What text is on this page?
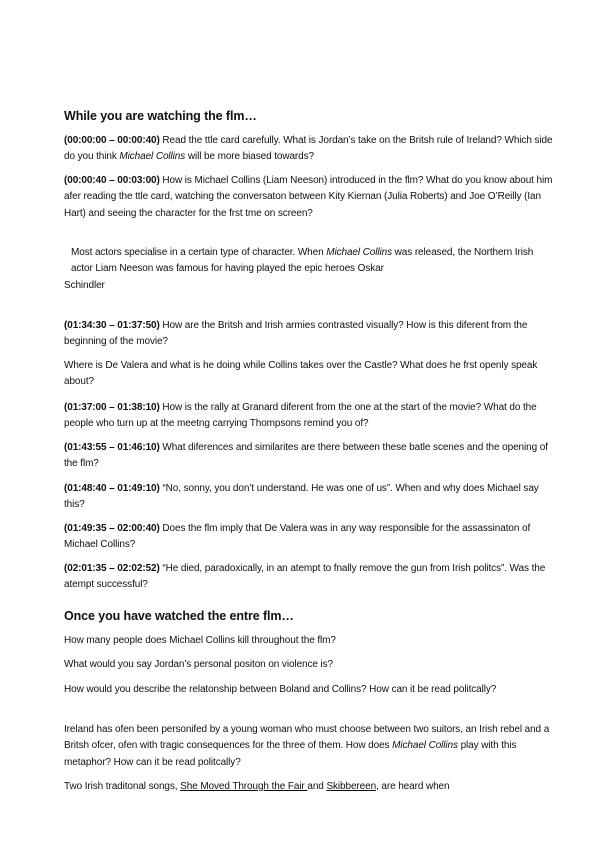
While you are watching the flm…
(00:00:00 – 00:00:40) Read the ttle card carefully. What is Jordan’s take on the Britsh rule of Ireland? Which side do you think Michael Collins will be more biased towards?
(00:00:40 – 00:03:00) How is Michael Collins (Liam Neeson) introduced in the flm? What do you know about him afer reading the ttle card, watching the conversaton between Kity Kiernan (Julia Roberts) and Joe O’Reilly (Ian Hart) and seeing the character for the frst tme on screen?
Most actors specialise in a certain type of character. When Michael Collins was released, the Northern Irish actor Liam Neeson was famous for having played the epic heroes Oskar
Schindler
(01:34:30 – 01:37:50) How are the Britsh and Irish armies contrasted visually? How is this diferent from the beginning of the movie?
Where is De Valera and what is he doing while Collins takes over the Castle? What does he frst openly speak about?
(01:37:00 – 01:38:10) How is the rally at Granard diferent from the one at the start of the movie? What do the people who turn up at the meetng carrying Thompsons remind you of?
(01:43:55 – 01:46:10) What diferences and similarites are there between these batle scenes and the opening of the flm?
(01:48:40 – 01:49:10) “No, sonny, you don’t understand. He was one of us”. When and why does Michael say this?
(01:49:35 – 02:00:40) Does the flm imply that De Valera was in any way responsible for the assassinaton of Michael Collins?
(02:01:35 – 02:02:52) “He died, paradoxically, in an atempt to fnally remove the gun from Irish politcs”. Was the atempt successful?
Once you have watched the entre flm…
How many people does Michael Collins kill throughout the flm?
What would you say Jordan’s personal positon on violence is?
How would you describe the relatonship between Boland and Collins? How can it be read politcally?
Ireland has ofen been personifed by a young woman who must choose between two suitors, an Irish rebel and a Britsh ofcer, ofen with tragic consequences for the three of them. How does Michael Collins play with this metaphor? How can it be read politcally?
Two Irish traditonal songs, She Moved Through the Fair and Skibbereen, are heard when
